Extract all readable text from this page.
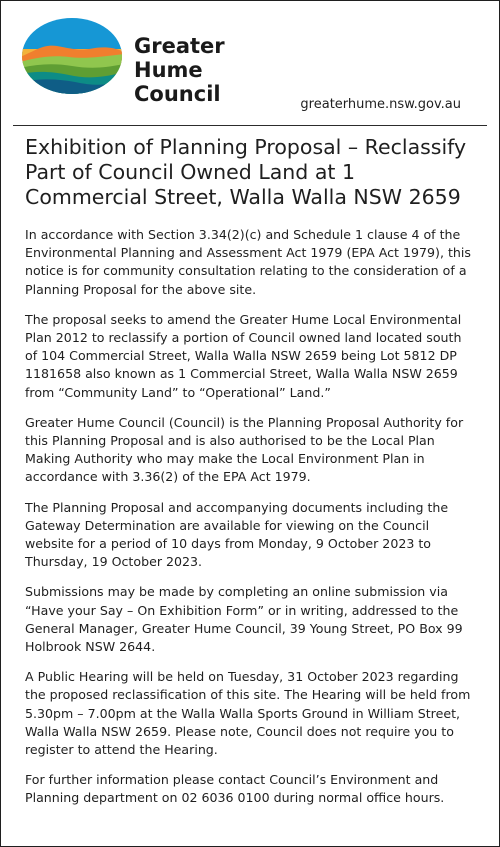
Greater
Hume
Council	greaterhume.nsw.gov.au
Exhibition of Planning Proposal – Reclassify Part of Council Owned Land at 1 Commercial Street, Walla Walla NSW 2659

In accordance with Section 3.34(2)(c) and Schedule 1 clause 4 of the Environmental Planning and Assessment Act 1979 (EPA Act 1979), this notice is for community consultation relating to the consideration of a Planning Proposal for the above site.

The proposal seeks to amend the Greater Hume Local Environmental Plan 2012 to reclassify a portion of Council owned land located south of 104 Commercial Street, Walla Walla NSW 2659 being Lot 5812 DP 1181658 also known as 1 Commercial Street, Walla Walla NSW 2659 from “Community Land” to “Operational” Land.”

Greater Hume Council (Council) is the Planning Proposal Authority for this Planning Proposal and is also authorised to be the Local Plan Making Authority who may make the Local Environment Plan in accordance with 3.36(2) of the EPA Act 1979.

The Planning Proposal and accompanying documents including the Gateway Determination are available for viewing on the Council website for a period of 10 days from Monday, 9 October 2023 to Thursday, 19 October 2023.

Submissions may be made by completing an online submission via “Have your Say – On Exhibition Form” or in writing, addressed to the General Manager, Greater Hume Council, 39 Young Street, PO Box 99 Holbrook NSW 2644.

A Public Hearing will be held on Tuesday, 31 October 2023 regarding the proposed reclassification of this site. The Hearing will be held from 5.30pm – 7.00pm at the Walla Walla Sports Ground in William Street, Walla Walla NSW 2659. Please note, Council does not require you to register to attend the Hearing.

For further information please contact Council’s Environment and Planning department on 02 6036 0100 during normal office hours.
